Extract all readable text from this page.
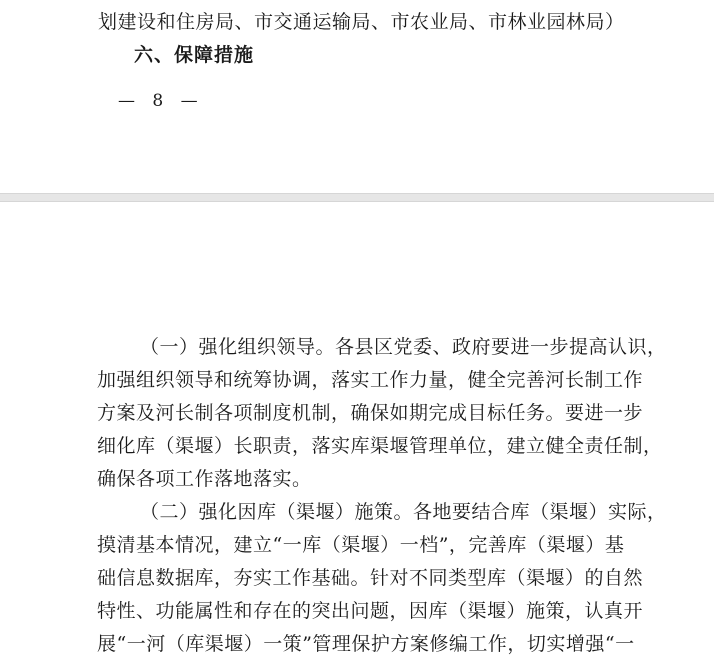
划建设和住房局、市交通运输局、市农业局、市林业园林局）
六、保障措施
— 8 —
（一）强化组织领导。各县区党委、政府要进一步提高认识，
加强组织领导和统筹协调，落实工作力量，健全完善河长制工作
方案及河长制各项制度机制，确保如期完成目标任务。要进一步
细化库（渠堰）长职责，落实库渠堰管理单位，建立健全责任制，
确保各项工作落地落实。
（二）强化因库（渠堰）施策。各地要结合库（渠堰）实际，
摸清基本情况，建立“一库（渠堰）一档”，完善库（渠堰）基
础信息数据库，夯实工作基础。针对不同类型库（渠堰）的自然
特性、功能属性和存在的突出问题，因库（渠堰）施策，认真开
展“一河（库渠堰）一策”管理保护方案修编工作，切实增强“一
